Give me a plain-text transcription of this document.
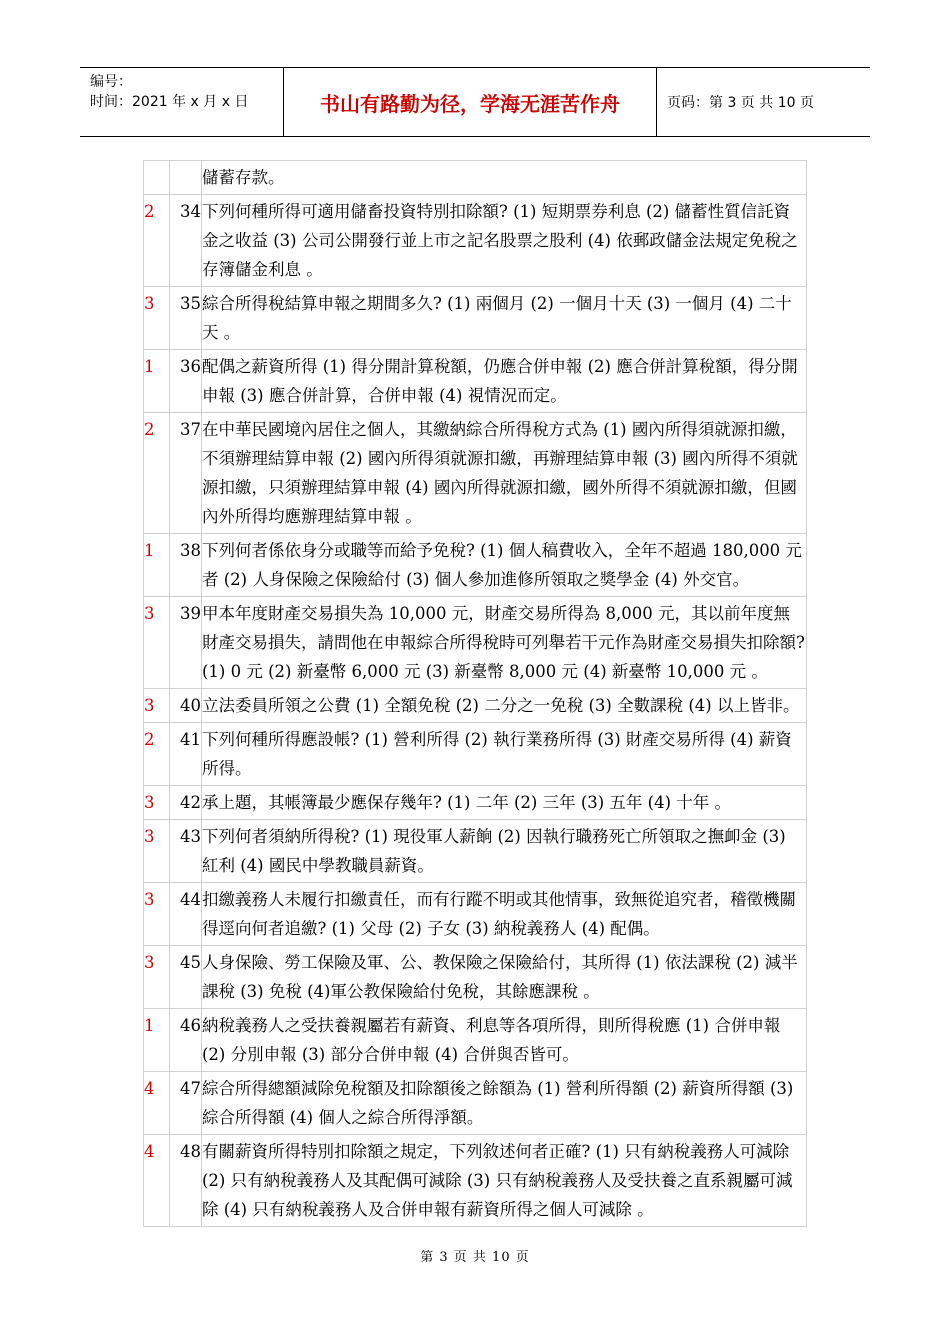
编号：
时间：2021 年 x 月 x 日	书山有路勤为径，学海无涯苦作舟	页码：第 3 页 共 10 页
		儲蓄存款。
2	34	下列何種所得可適用儲畜投資特別扣除額? (1) 短期票券利息 (2) 儲蓄性質信託資金之收益 (3) 公司公開發行並上市之記名股票之股利 (4) 依郵政儲金法規定免稅之存簿儲金利息 。
3	35	綜合所得稅結算申報之期間多久? (1) 兩個月 (2) 一個月十天 (3) 一個月 (4) 二十天 。
1	36	配偶之薪資所得 (1) 得分開計算稅額，仍應合併申報 (2) 應合併計算稅額，得分開申報 (3) 應合併計算，合併申報 (4) 視情況而定。
2	37	在中華民國境內居住之個人，其繳納綜合所得稅方式為 (1) 國內所得須就源扣繳，不須辦理結算申報 (2) 國內所得須就源扣繳，再辦理結算申報 (3) 國內所得不須就源扣繳，只須辦理結算申報 (4) 國內所得就源扣繳，國外所得不須就源扣繳，但國內外所得均應辦理結算申報 。
1	38	下列何者係依身分或職等而給予免稅? (1) 個人稿費收入，全年不超過 180,000 元者 (2) 人身保險之保險給付 (3) 個人參加進修所領取之獎學金 (4) 外交官。
3	39	甲本年度財產交易損失為 10,000 元，財產交易所得為 8,000 元，其以前年度無財產交易損失，請問他在申報綜合所得稅時可列舉若干元作為財產交易損失扣除額? (1) 0 元 (2) 新臺幣 6,000 元 (3) 新臺幣 8,000 元 (4) 新臺幣 10,000 元 。
3	40	立法委員所領之公費 (1) 全額免稅 (2) 二分之一免稅 (3) 全數課稅 (4) 以上皆非。
2	41	下列何種所得應設帳? (1) 營利所得 (2) 執行業務所得 (3) 財產交易所得 (4) 薪資所得。
3	42	承上題，其帳簿最少應保存幾年? (1) 二年 (2) 三年 (3) 五年 (4) 十年 。
3	43	下列何者須納所得稅? (1) 現役軍人薪餉 (2) 因執行職務死亡所領取之撫卹金 (3) 紅利 (4) 國民中學教職員薪資。
3	44	扣繳義務人未履行扣繳責任，而有行蹤不明或其他情事，致無從追究者，稽徵機關得逕向何者追繳? (1) 父母 (2) 子女 (3) 納稅義務人 (4) 配偶。
3	45	人身保險、勞工保險及軍、公、教保險之保險給付，其所得 (1) 依法課稅 (2) 減半課稅 (3) 免稅 (4)軍公教保險給付免稅，其餘應課稅 。
1	46	納稅義務人之受扶養親屬若有薪資、利息等各項所得，則所得稅應 (1) 合併申報 (2) 分別申報 (3) 部分合併申報 (4) 合併與否皆可。
4	47	綜合所得總額減除免稅額及扣除額後之餘額為 (1) 營利所得額 (2) 薪資所得額 (3) 綜合所得額 (4) 個人之綜合所得淨額。
4	48	有關薪資所得特別扣除額之規定，下列敘述何者正確? (1) 只有納稅義務人可減除 (2) 只有納稅義務人及其配偶可減除 (3) 只有納稅義務人及受扶養之直系親屬可減除 (4) 只有納稅義務人及合併申報有薪資所得之個人可減除 。
第 3 页 共 10 页
